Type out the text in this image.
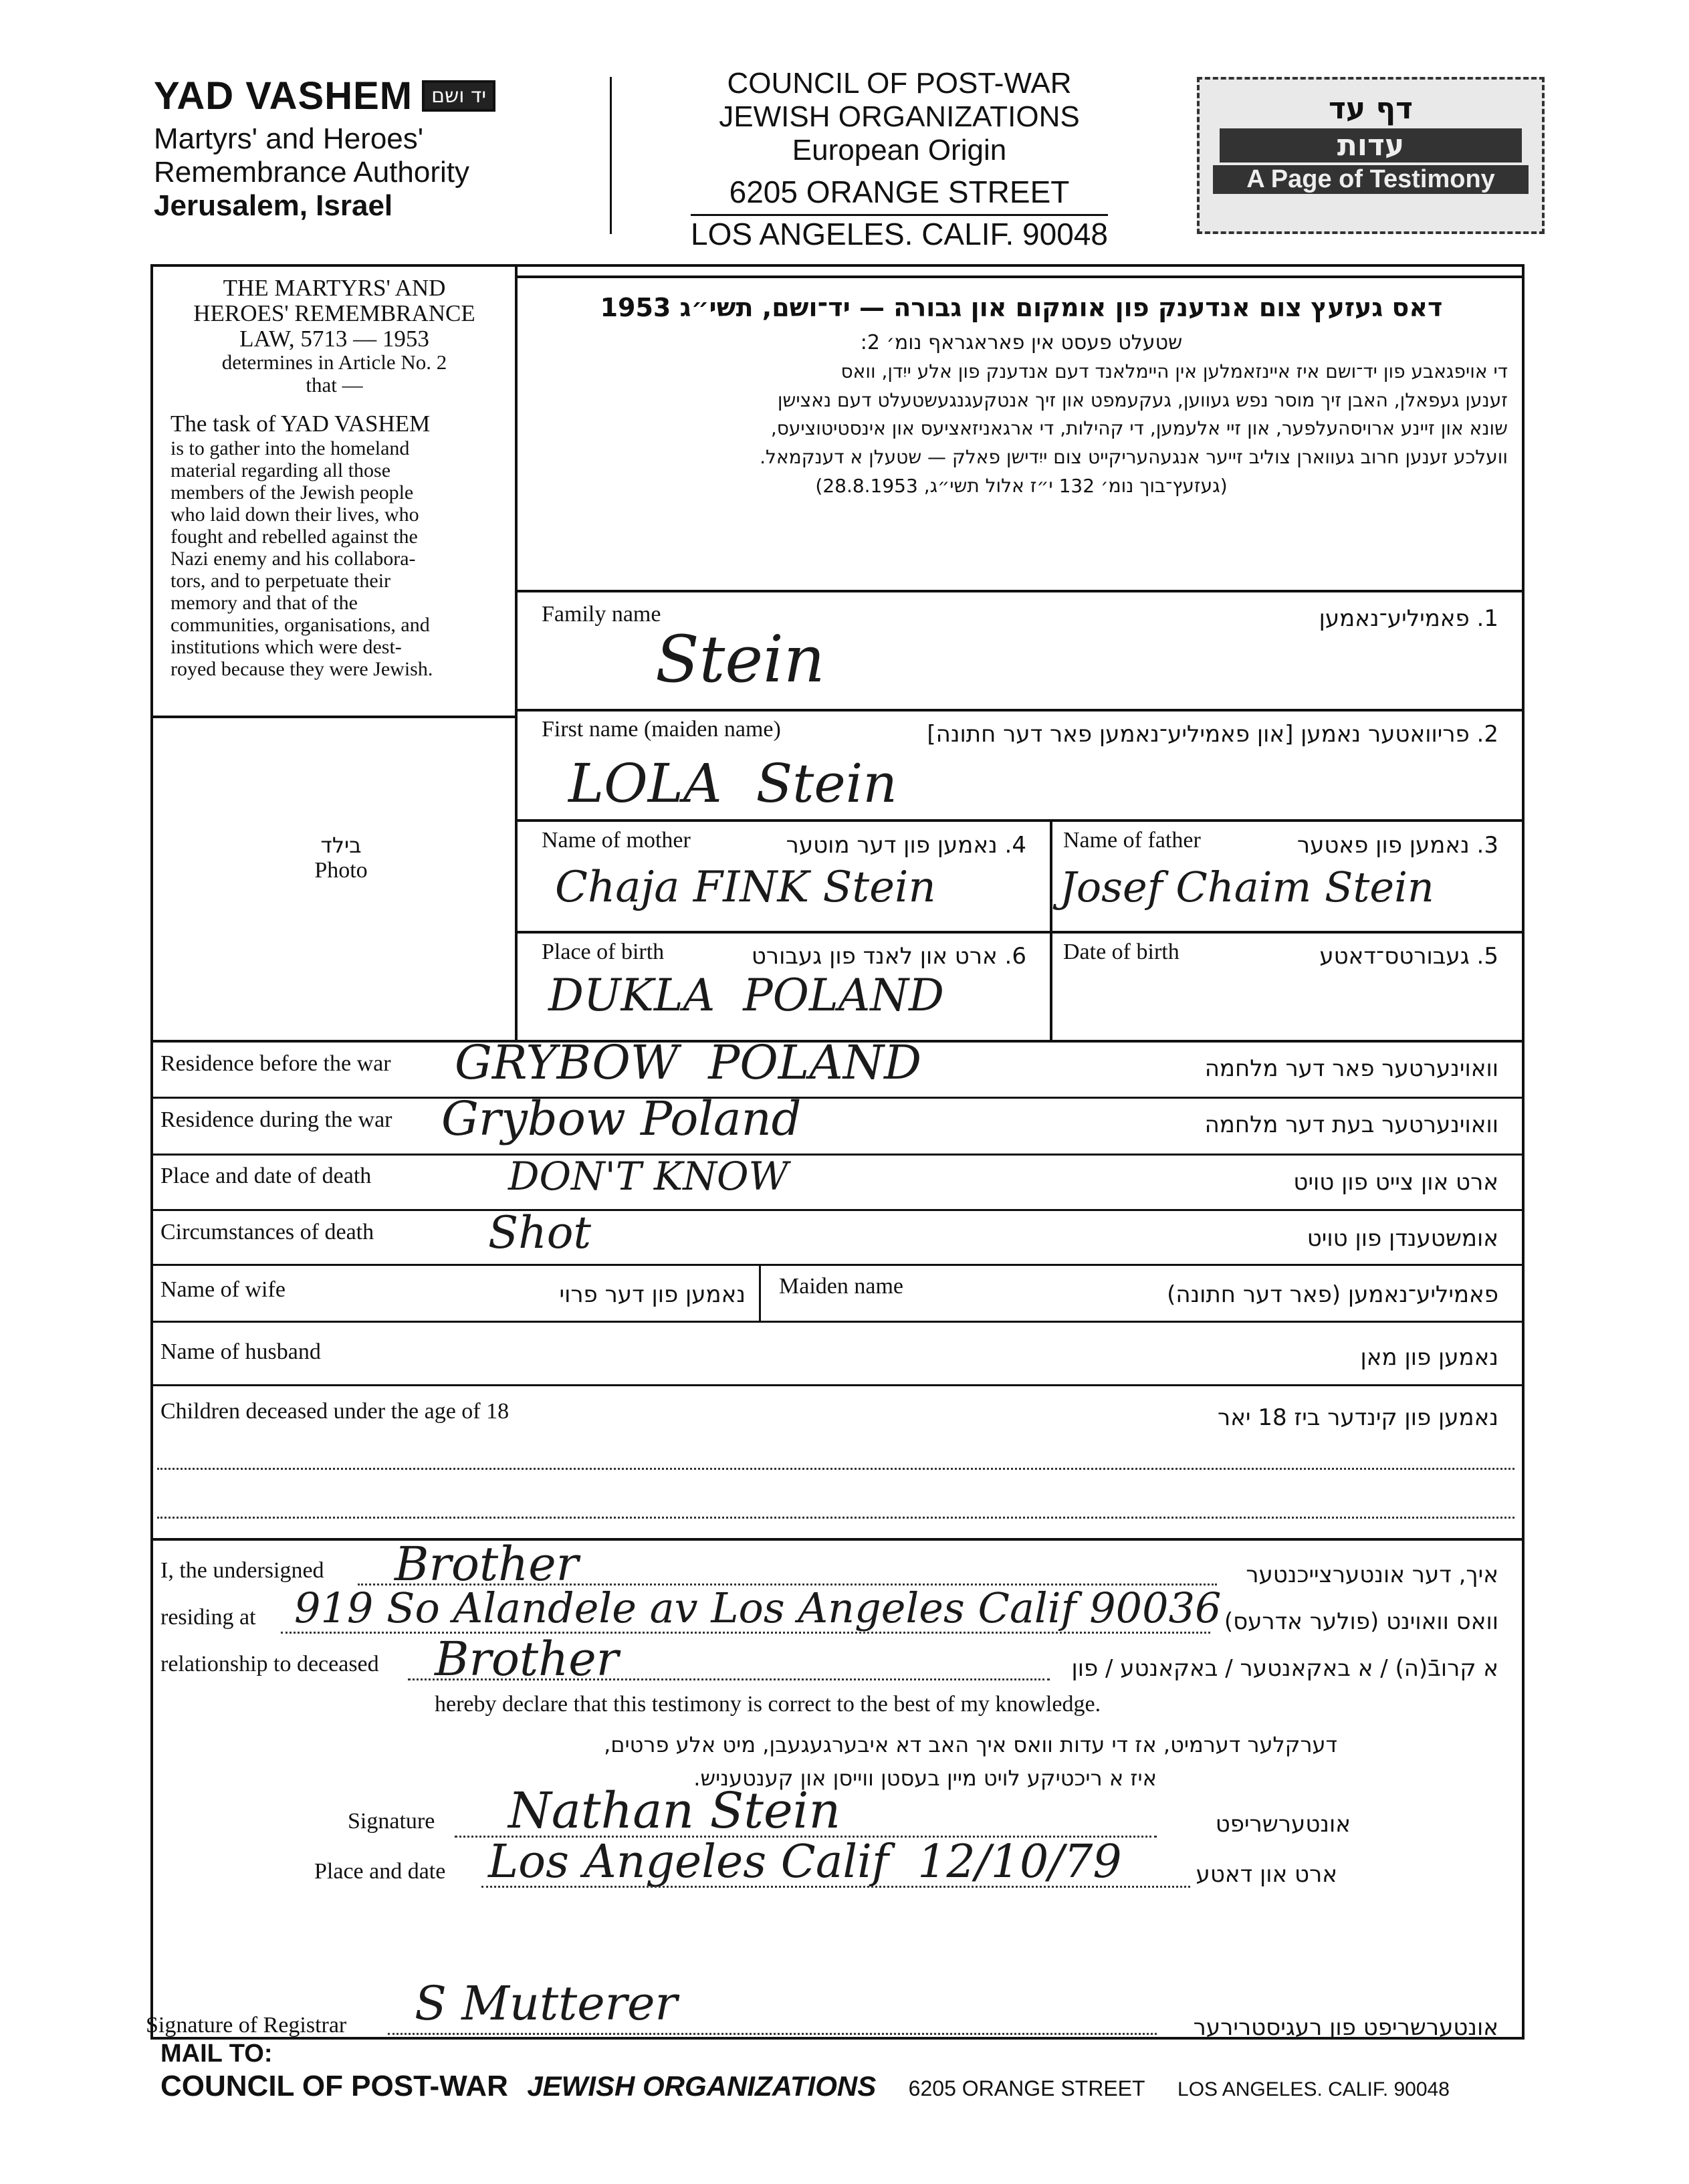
YAD VASHEM יד ושם
Martyrs' and Heroes'
Remembrance Authority
Jerusalem, Israel
COUNCIL OF POST-WAR
JEWISH ORGANIZATIONS
European Origin
6205 ORANGE STREET
LOS ANGELES. CALIF. 90048
דף עד
עדות
A Page of Testimony
THE MARTYRS' AND
HEROES' REMEMBRANCE
LAW, 5713 — 1953
determines in Article No. 2
that —
The task of YAD VASHEM
is to gather into the homeland
material regarding all those
members of the Jewish people
who laid down their lives, who
fought and rebelled against the
Nazi enemy and his collabora-
tors, and to perpetuate their
memory and that of the
communities, organisations, and
institutions which were dest-
royed because they were Jewish.
בילד
Photo
דאס געזעץ צום אנדענק פון אומקום און גבורה — יד־ושם, תשי״ג 1953
שטעלט פעסט אין פאראגראף נומ׳ 2:
די אויפגאבע פון יד־ושם איז איינזאמלען אין היימלאנד דעם אנדענק פון אלע ייִדן, וואס
זענען געפאלן, האבן זיך מוסר נפש געווען, געקעמפט און זיך אנטקעגנגעשטעלט דעם נאצישן
שונא און זיינע ארויסהעלפער, און זיי אלעמען, די קהילות, די ארגאניזאציעס און אינסטיטוציעס,
וועלכע זענען חרוב געווארן צוליב זייער אנגעהעריקייט צום ייִדישן פאלק — שטעלן א דענקמאל.
(געזעץ־בוך נומ׳ 132 י״ז אלול תשי״ג, 28.8.1953)
Family name	1. פאמיליע־נאמען
Stein
First name (maiden name)	2. פריוואטער נאמען [און פאמיליע־נאמען פאר דער חתונה]
LOLA  Stein
Name of mother	4. נאמען פון דער מוטער
Chaja FINK Stein
Name of father	3. נאמען פון פאטער
Josef Chaim Stein
Place of birth	6. ארט און לאנד פון געבורט
DUKLA  POLAND
Date of birth	5. געבורטס־דאטע
Residence before the war GRYBOW  POLAND	וואוינערטער פאר דער מלחמה
Residence during the war Grybow Poland	וואוינערטער בעת דער מלחמה
Place and date of death	DON'T KNOW	ארט און צייט פון טויט
Circumstances of death	Shot	אומשטענדן פון טויט
Name of wife	נאמען פון דער פרוי Maiden name	פאמיליע־נאמען (פאר דער חתונה)
Name of husband	נאמען פון מאן
Children deceased under the age of 18	נאמען פון קינדער ביז 18 יאר
I, the undersigned Brother	איך, דער אונטערצייכנטער
residing at 919 So Alandele av Los Angeles Calif 90036 וואס וואוינט (פולער אדרעס)
relationship to deceased Brother	א קרובֿ(ה) / א באקאנטער / באקאנטע / פון
hereby declare that this testimony is correct to the best of my knowledge.
דערקלער דערמיט, אז די עדות וואס איך האב דא איבערגעגעבן, מיט אלע פרטים,
איז א ריכטיקע לויט מיין בעסטן ווייסן און קענטעניש.
Signature Nathan Stein	אונטערשריפט
Place and date Los Angeles Calif  12/10/79	ארט און דאטע
Signature of Registrar S Mutterer	אונטערשריפט פון רעגיסטרירער
MAIL TO:
COUNCIL OF POST-WAR JEWISH ORGANIZATIONS 6205 ORANGE STREET LOS ANGELES. CALIF. 90048
